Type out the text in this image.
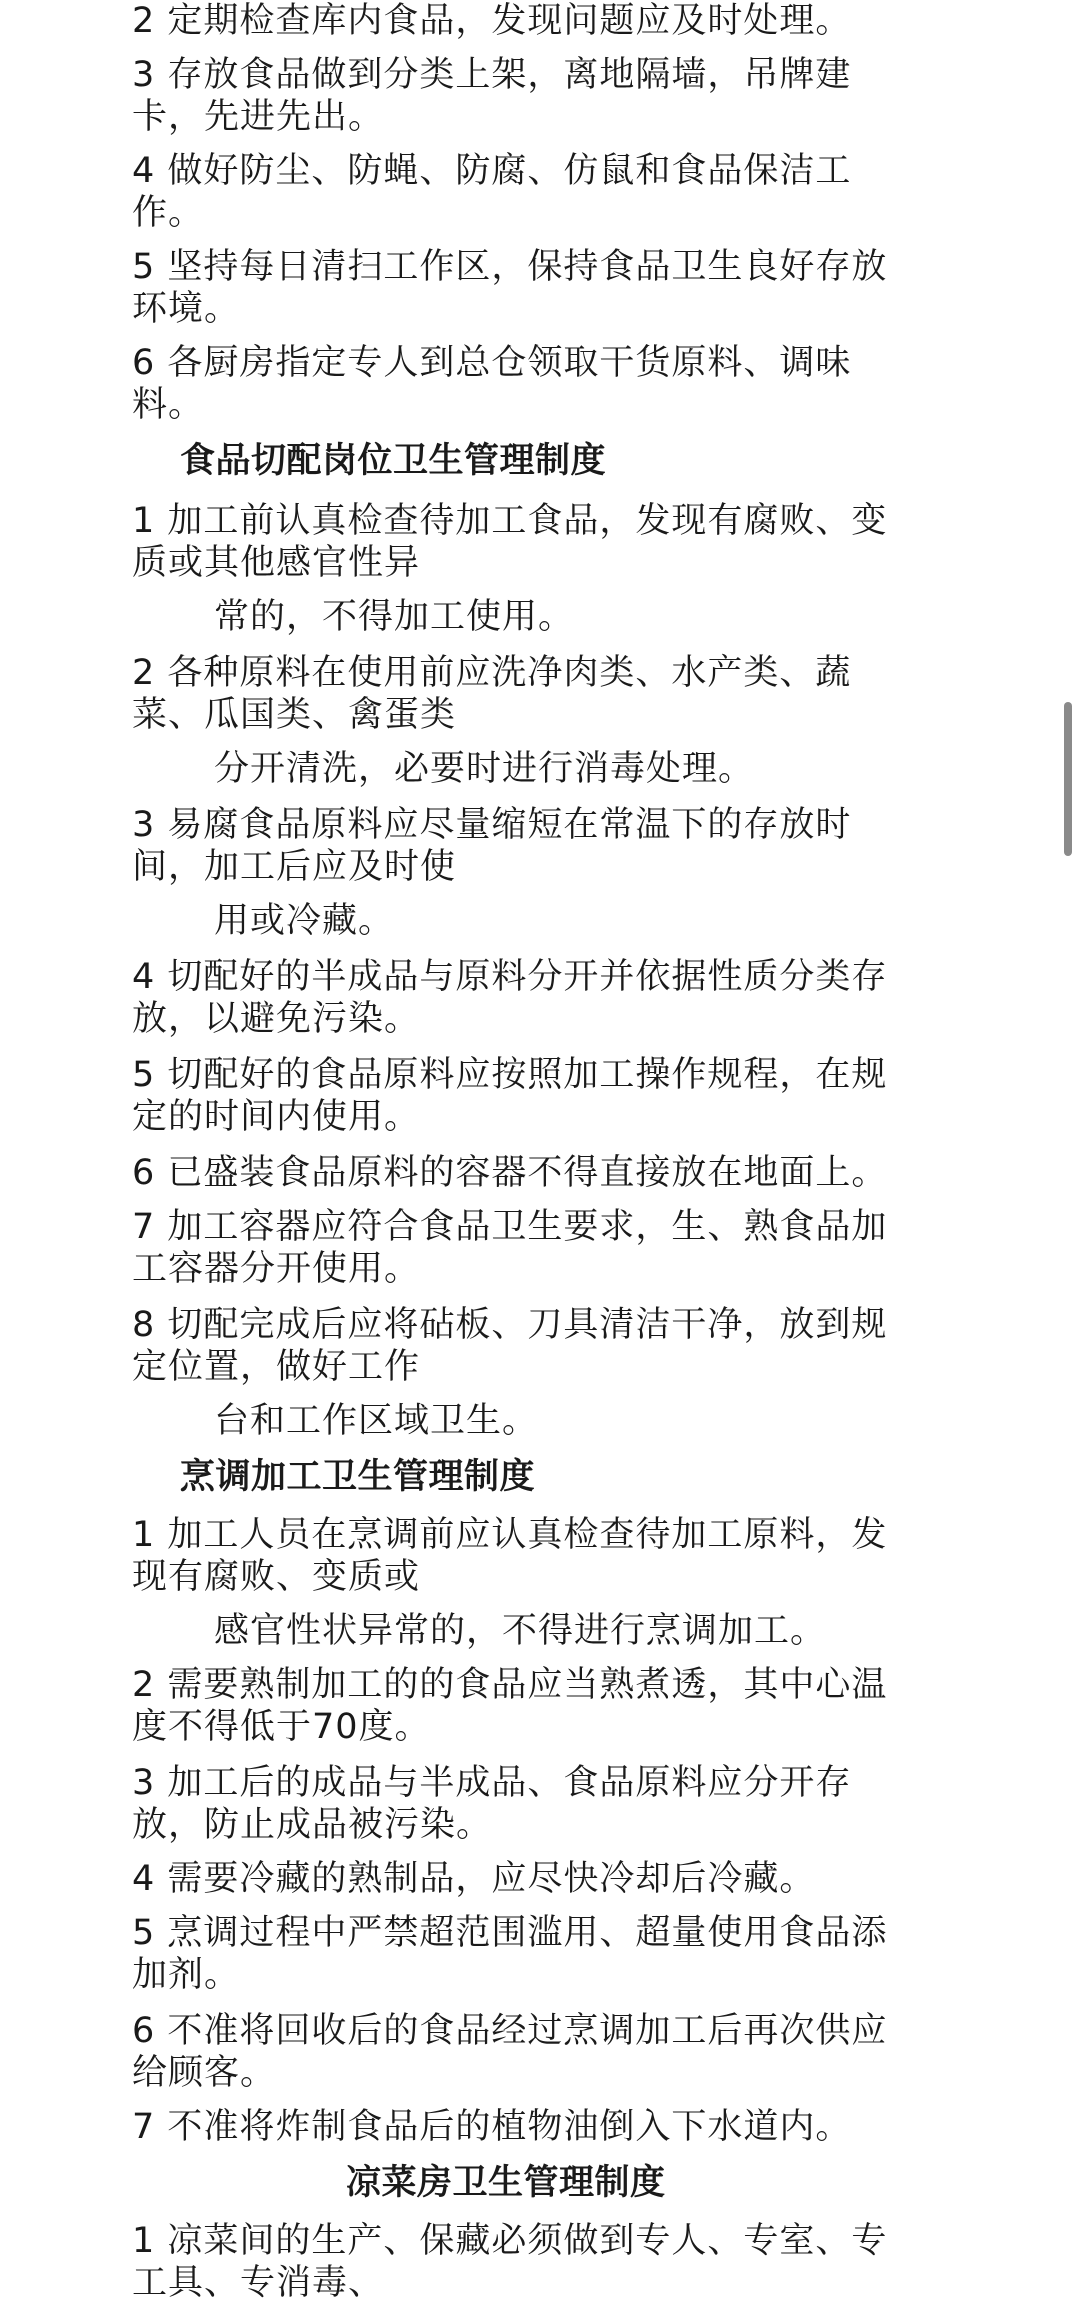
2 定期检查库内食品，发现问题应及时处理。
3 存放食品做到分类上架，离地隔墙，吊牌建
卡，先进先出。
4 做好防尘、防蝇、防腐、仿鼠和食品保洁工
作。
5 坚持每日清扫工作区，保持食品卫生良好存放
环境。
6 各厨房指定专人到总仓领取干货原料、调味
料。
食品切配岗位卫生管理制度
1 加工前认真检查待加工食品，发现有腐败、变
质或其他感官性异
常的，不得加工使用。
2 各种原料在使用前应洗净肉类、水产类、蔬
菜、瓜国类、禽蛋类
分开清洗，必要时进行消毒处理。
3 易腐食品原料应尽量缩短在常温下的存放时
间，加工后应及时使
用或冷藏。
4 切配好的半成品与原料分开并依据性质分类存
放，以避免污染。
5 切配好的食品原料应按照加工操作规程，在规
定的时间内使用。
6 已盛装食品原料的容器不得直接放在地面上。
7 加工容器应符合食品卫生要求，生、熟食品加
工容器分开使用。
8 切配完成后应将砧板、刀具清洁干净，放到规
定位置，做好工作
台和工作区域卫生。
烹调加工卫生管理制度
1 加工人员在烹调前应认真检查待加工原料，发
现有腐败、变质或
感官性状异常的，不得进行烹调加工。
2 需要熟制加工的的食品应当熟煮透，其中心温
度不得低于70度。
3 加工后的成品与半成品、食品原料应分开存
放，防止成品被污染。
4 需要冷藏的熟制品，应尽快冷却后冷藏。
5 烹调过程中严禁超范围滥用、超量使用食品添
加剂。
6 不准将回收后的食品经过烹调加工后再次供应
给顾客。
7 不准将炸制食品后的植物油倒入下水道内。
凉菜房卫生管理制度
1 凉菜间的生产、保藏必须做到专人、专室、专
工具、专消毒、
